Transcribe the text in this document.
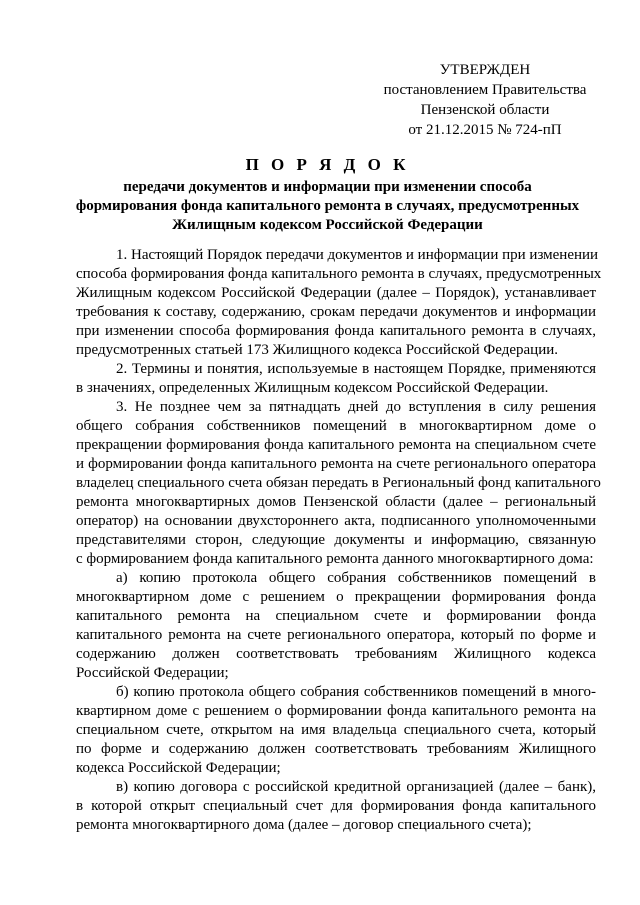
УТВЕРЖДЕН
постановлением Правительства
Пензенской области
от 21.12.2015 № 724-пП
П О Р Я Д О К
передачи документов и информации при изменении способа
формирования фонда капитального ремонта в случаях, предусмотренных
Жилищным кодексом Российской Федерации
1. Настоящий Порядок передачи документов и информации при изменении
способа формирования фонда капитального ремонта в случаях, предусмотренных
Жилищным кодексом Российской Федерации (далее – Порядок), устанавливает
требования к составу, содержанию, срокам передачи документов и информации
при изменении способа формирования фонда капитального ремонта в случаях,
предусмотренных статьей 173 Жилищного кодекса Российской Федерации.
2. Термины и понятия, используемые в настоящем Порядке, применяются
в значениях, определенных Жилищным кодексом Российской Федерации.
3. Не позднее чем за пятнадцать дней до вступления в силу решения
общего собрания собственников помещений в многоквартирном доме о
прекращении формирования фонда капитального ремонта на специальном счете
и формировании фонда капитального ремонта на счете регионального оператора
владелец специального счета обязан передать в Региональный фонд капитального
ремонта многоквартирных домов Пензенской области (далее – региональный
оператор) на основании двухстороннего акта, подписанного уполномоченными
представителями сторон, следующие документы и информацию, связанную
с формированием фонда капитального ремонта данного многоквартирного дома:
а) копию протокола общего собрания собственников помещений в
многоквартирном доме с решением о прекращении формирования фонда
капитального ремонта на специальном счете и формировании фонда
капитального ремонта на счете регионального оператора, который по форме и
содержанию должен соответствовать требованиям Жилищного кодекса
Российской Федерации;
б) копию протокола общего собрания собственников помещений в много-
квартирном доме с решением о формировании фонда капитального ремонта на
специальном счете, открытом на имя владельца специального счета, который
по форме и содержанию должен соответствовать требованиям Жилищного
кодекса Российской Федерации;
в) копию договора с российской кредитной организацией (далее – банк),
в которой открыт специальный счет для формирования фонда капитального
ремонта многоквартирного дома (далее – договор специального счета);
